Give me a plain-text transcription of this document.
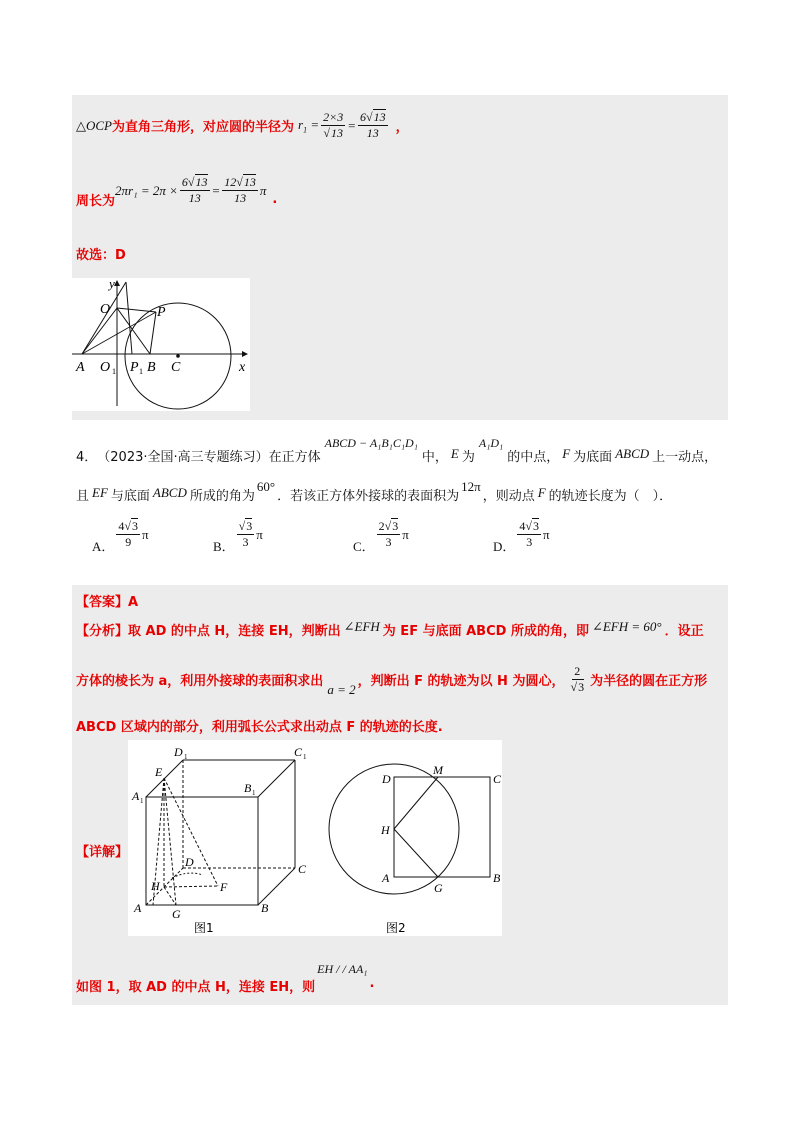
△ OCP 为直角三角形，对应圆的半径为 $r_1 = \frac{2\times 3}{√13} = \frac{6√13}{13}$ ，
周长为
$2\pi r_1 = 2\pi \times \frac{6√13}{13} = \frac{12√13}{13}$ π
.
故选：D
y
O	P
A O 1 P 1 B C	x
4． （2023·全国·高三专题练习）在正方体
ABCD − A₁B₁C₁D₁
中， E 为
A₁D₁
的中点， F 为底面 ABCD 上一动点，
且 EF 与底面 ABCD 所成的角为
60°
．若该正方体外接球的表面积为
12π
，则动点 F 的轨迹长度为（　）．
A． $\frac{4√3}{9}$ π
B． $\frac{√3}{3}$ π
C． $\frac{2√3}{3}$ π
D． $\frac{4√3}{3}$ π
【答案】A
【分析】取 AD 的中点 H，连接 EH，判断出 ∠EFH 为 EF 与底面 ABCD 所成的角，即 ∠EFH = 60° ．设正
方体的棱长为 a，利用外接球的表面积求出
a = 2
，判断出 F 的轨迹为以 H 为圆心， $\frac{2}{√3}$ 为半径的圆在正方形
ABCD 区域内的部分，利用弧长公式求出动点 F 的轨迹的长度.
【详解】
D 1	C 1
E
A 1
B 1
D	C
H	F
A	G	B
图1
D
M
C
H
A
G
B
图2
如图 1，取 AD 的中点 H，连接 EH，则
EH / / AA₁
.
